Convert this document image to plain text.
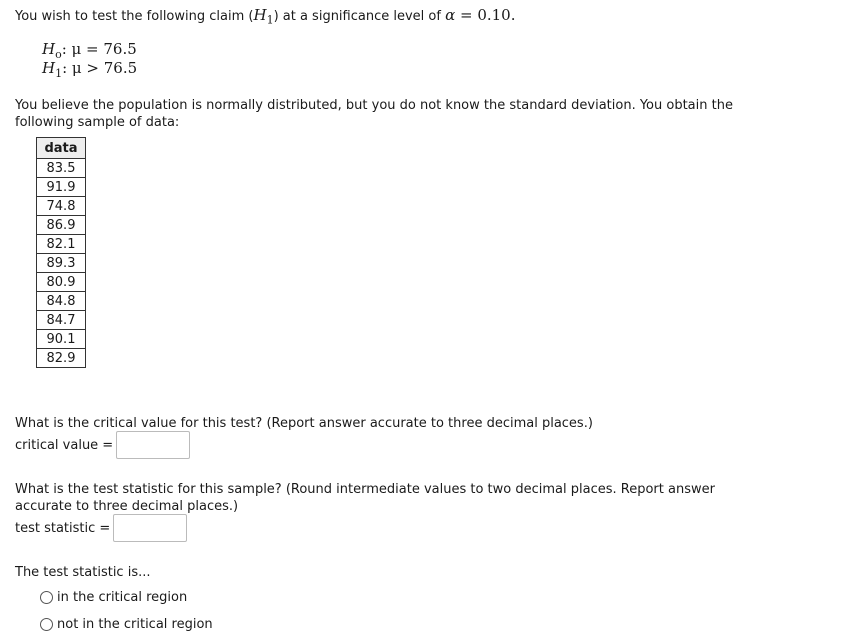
You wish to test the following claim $(H_1)$ at a significance level of α = 0.10.
$H_o$: μ = 76.5
$H_1$: μ > 76.5
You believe the population is normally distributed, but you do not know the standard deviation. You obtain the following sample of data:
data
83.5
91.9
74.8
86.9
82.1
89.3
80.9
84.8
84.7
90.1
82.9
What is the critical value for this test? (Report answer accurate to three decimal places.)
critical value =
What is the test statistic for this sample? (Round intermediate values to two decimal places. Report answer accurate to three decimal places.)
test statistic =
The test statistic is...
in the critical region
not in the critical region
